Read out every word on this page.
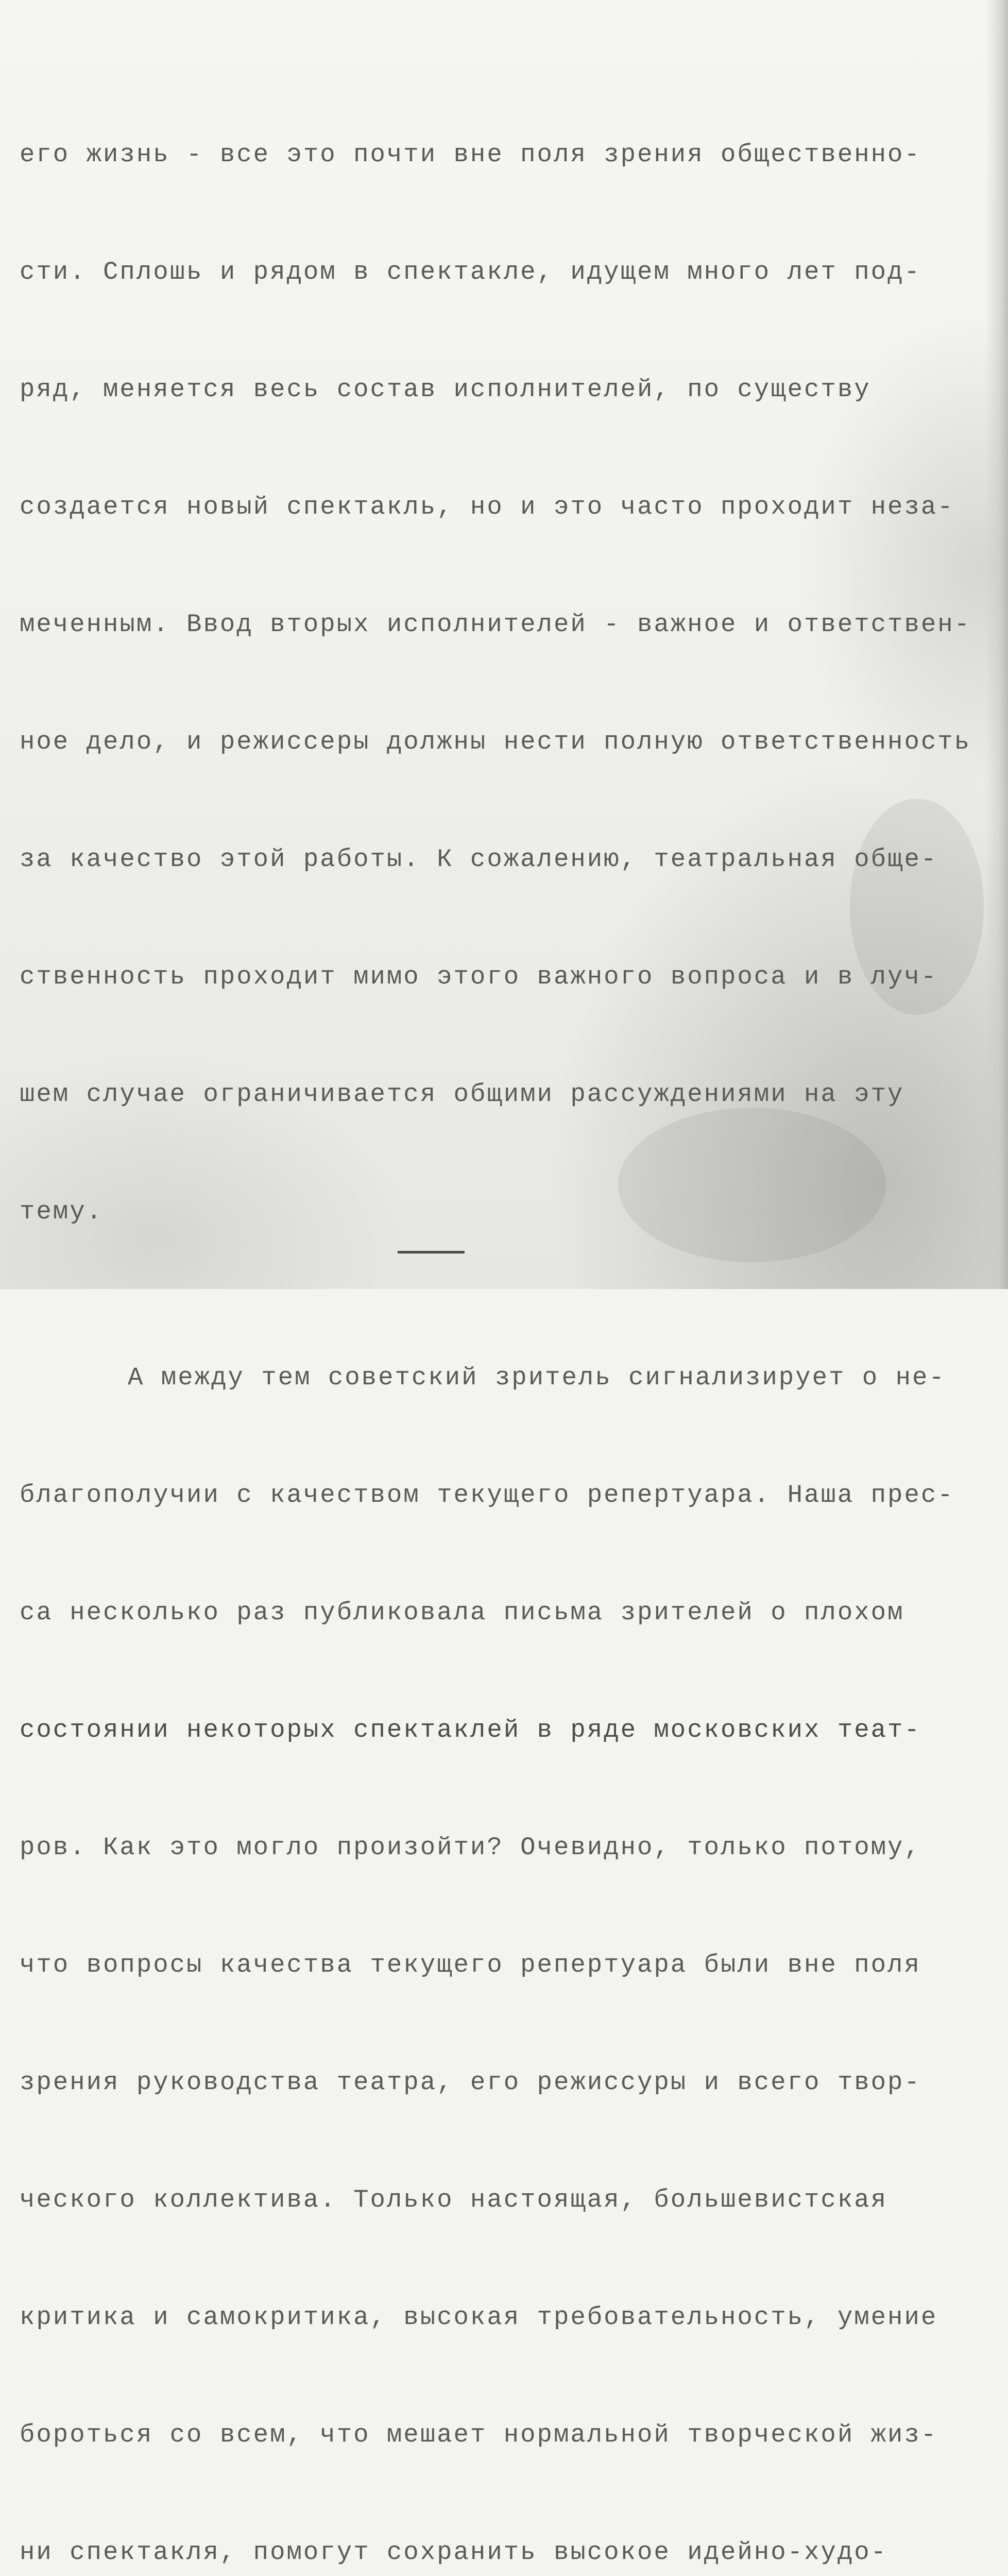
его жизнь - все это почти вне поля зрения общественно-

сти. Сплошь и рядом в спектакле, идущем много лет под-

ряд, меняется весь состав исполнителей, по существу

создается новый спектакль, но и это часто проходит неза-

меченным. Ввод вторых исполнителей - важное и ответствен-

ное дело, и режиссеры должны нести полную ответственность

за качество этой работы. К сожалению, театральная обще-

ственность проходит мимо этого важного вопроса и в луч-

шем случае ограничивается общими рассуждениями на эту

тему.

А между тем советский зритель сигнализирует о не-

благополучии с качеством текущего репертуара. Наша прес-

са несколько раз публиковала письма зрителей о плохом

состоянии некоторых спектаклей в ряде московских теат-

ров. Как это могло произойти? Очевидно, только потому,

что вопросы качества текущего репертуара были вне поля

зрения руководства театра, его режиссуры и всего твор-

ческого коллектива. Только настоящая, большевистская

критика и самокритика, высокая требовательность, умение

бороться со всем, что мешает нормальной творческой жиз-

ни спектакля, помогут сохранить высокое идейно-худо-
